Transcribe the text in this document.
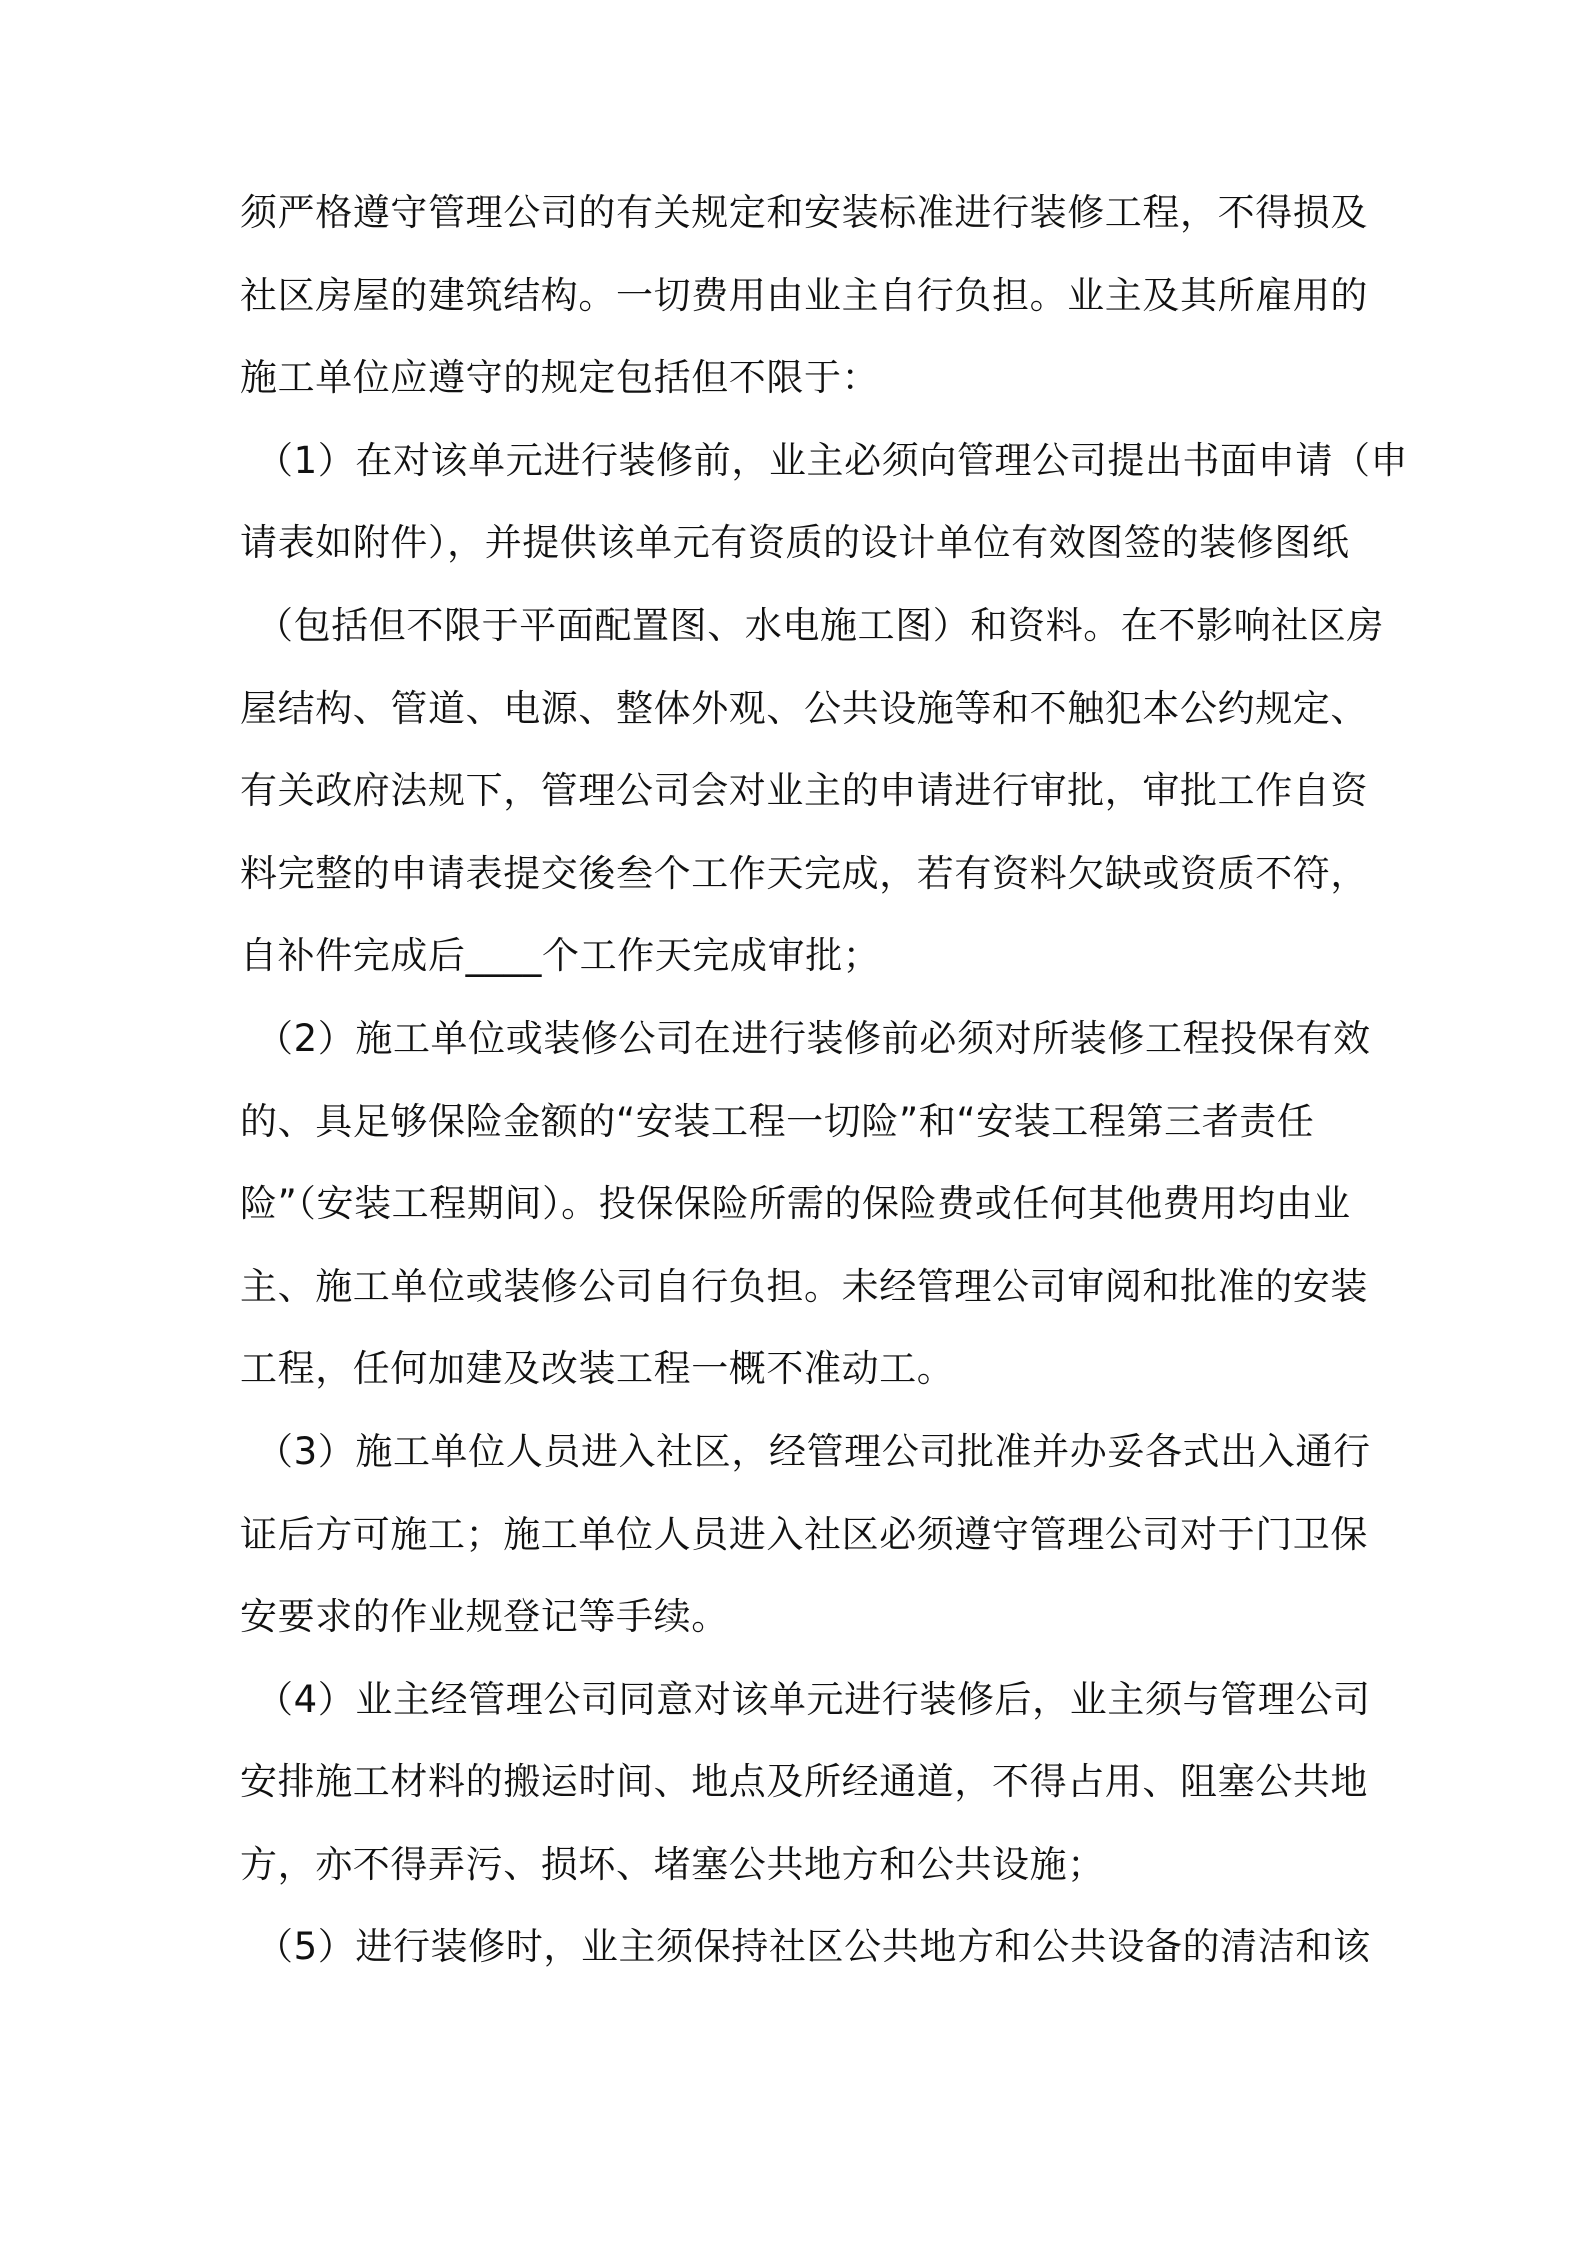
须严格遵守管理公司的有关规定和安装标准进行装修工程，不得损及
社区房屋的建筑结构。一切费用由业主自行负担。业主及其所雇用的
施工单位应遵守的规定包括但不限于：
（1）在对该单元进行装修前，业主必须向管理公司提出书面申请（申
请表如附件），并提供该单元有资质的设计单位有效图签的装修图纸
（包括但不限于平面配置图、水电施工图）和资料。在不影响社区房
屋结构、管道、电源、整体外观、公共设施等和不触犯本公约规定、
有关政府法规下，管理公司会对业主的申请进行审批，审批工作自资
料完整的申请表提交後叁个工作天完成，若有资料欠缺或资质不符，
自补件完成后____个工作天完成审批；
（2）施工单位或装修公司在进行装修前必须对所装修工程投保有效
的、具足够保险金额的“安装工程一切险”和“安装工程第三者责任
险”（安装工程期间）。投保保险所需的保险费或任何其他费用均由业
主、施工单位或装修公司自行负担。未经管理公司审阅和批准的安装
工程，任何加建及改装工程一概不准动工。
（3）施工单位人员进入社区，经管理公司批准并办妥各式出入通行
证后方可施工；施工单位人员进入社区必须遵守管理公司对于门卫保
安要求的作业规登记等手续。
（4）业主经管理公司同意对该单元进行装修后，业主须与管理公司
安排施工材料的搬运时间、地点及所经通道，不得占用、阻塞公共地
方，亦不得弄污、损坏、堵塞公共地方和公共设施；
（5）进行装修时，业主须保持社区公共地方和公共设备的清洁和该
